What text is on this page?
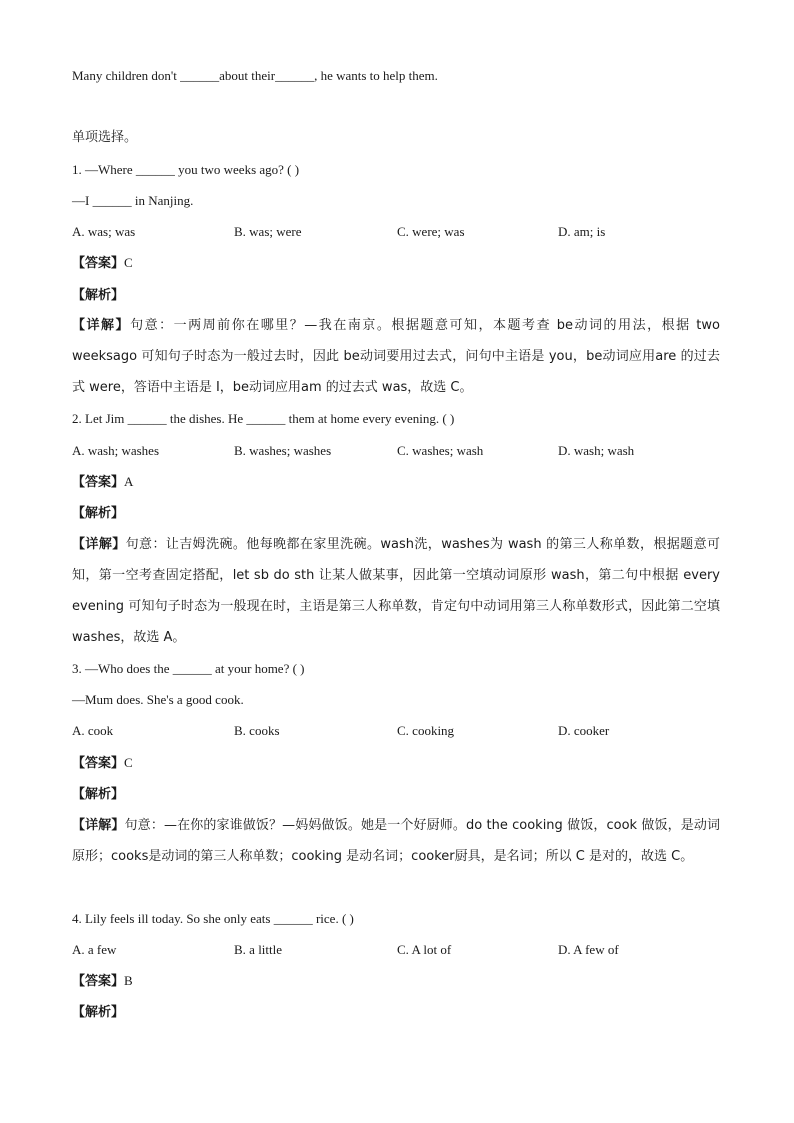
Many children don't ______about their______, he wants to help them.
单项选择。
1. —Where ______ you two weeks ago? ( )
—I ______ in Nanjing.
A. was; was	B. was; were	C. were; was	D. am; is
【答案】C
【解析】
【详解】句意：一两周前你在哪里？—我在南京。根据题意可知，本题考查 be动词的用法，根据 two weeksago 可知句子时态为一般过去时，因此 be动词要用过去式，问句中主语是 you，be动词应用are 的过去式 were，答语中主语是 I，be动词应用am 的过去式 was，故选 C。
2. Let Jim ______ the dishes. He ______ them at home every evening. ( )
A. wash; washes	B. washes; washes	C. washes; wash	D. wash; wash
【答案】A
【解析】
【详解】句意：让吉姆洗碗。他每晚都在家里洗碗。wash洗，washes为 wash 的第三人称单数，根据题意可知，第一空考查固定搭配，let sb do sth 让某人做某事，因此第一空填动词原形 wash，第二句中根据 every evening 可知句子时态为一般现在时，主语是第三人称单数，肯定句中动词用第三人称单数形式，因此第二空填 washes，故选 A。
3. —Who does the ______ at your home? ( )
—Mum does. She's a good cook.
A. cook	B. cooks	C. cooking	D. cooker
【答案】C
【解析】
【详解】句意：—在你的家谁做饭？—妈妈做饭。她是一个好厨师。do the cooking 做饭，cook 做饭，是动词原形；cooks是动词的第三人称单数；cooking 是动名词；cooker厨具，是名词；所以 C 是对的，故选 C。
4. Lily feels ill today. So she only eats ______ rice. ( )
A. a few	B. a little	C. A lot of	D. A few of
【答案】B
【解析】
